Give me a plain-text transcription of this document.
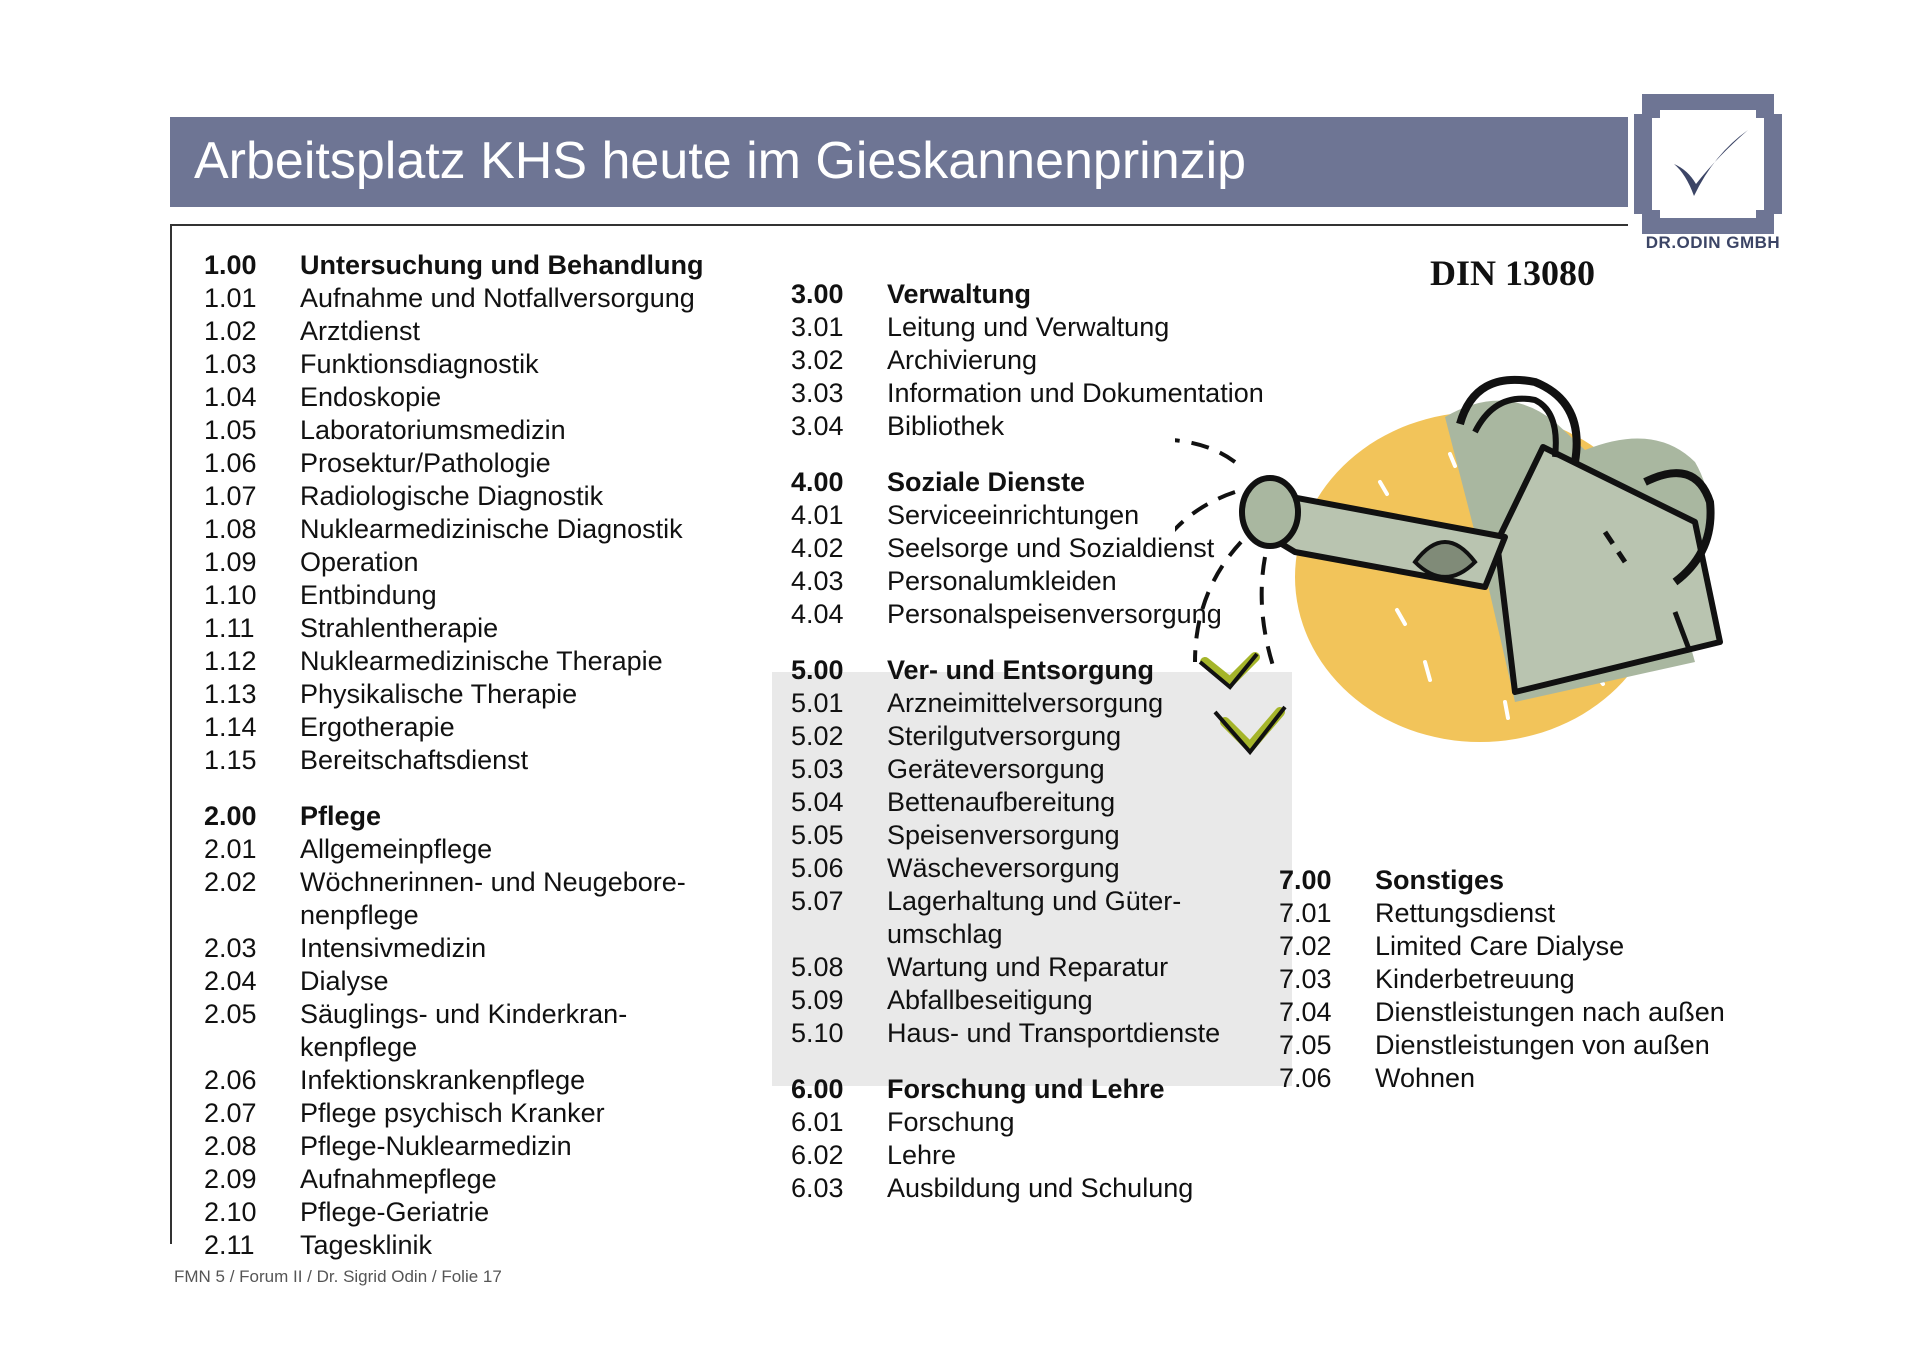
Arbeitsplatz KHS heute im Gieskannenprinzip
DR.ODIN GMBH
DIN 13080
1.00	Untersuchung und Behandlung
1.01	Aufnahme und Notfallversorgung
1.02	Arztdienst
1.03	Funktionsdiagnostik
1.04	Endoskopie
1.05	Laboratoriumsmedizin
1.06	Prosektur/Pathologie
1.07	Radiologische Diagnostik
1.08	Nuklearmedizinische Diagnostik
1.09	Operation
1.10	Entbindung
1.11	Strahlentherapie
1.12	Nuklearmedizinische Therapie
1.13	Physikalische Therapie
1.14	Ergotherapie
1.15	Bereitschaftsdienst
2.00	Pflege
2.01	Allgemeinpflege
2.02	Wöchnerinnen- und Neugebore-
nenpflege
2.03	Intensivmedizin
2.04	Dialyse
2.05	Säuglings- und Kinderkran-
kenpflege
2.06	Infektionskrankenpflege
2.07	Pflege psychisch Kranker
2.08	Pflege-Nuklearmedizin
2.09	Aufnahmepflege
2.10	Pflege-Geriatrie
2.11	Tagesklinik
3.00	Verwaltung
3.01	Leitung und Verwaltung
3.02	Archivierung
3.03	Information und Dokumentation
3.04	Bibliothek
4.00	Soziale Dienste
4.01	Serviceeinrichtungen
4.02	Seelsorge und Sozialdienst
4.03	Personalumkleiden
4.04	Personalspeisenversorgung
5.00	Ver- und Entsorgung
5.01	Arzneimittelversorgung
5.02	Sterilgutversorgung
5.03	Geräteversorgung
5.04	Bettenaufbereitung
5.05	Speisenversorgung
5.06	Wäscheversorgung
5.07	Lagerhaltung und Güter-
umschlag
5.08	Wartung und Reparatur
5.09	Abfallbeseitigung
5.10	Haus- und Transportdienste
6.00	Forschung und Lehre
6.01	Forschung
6.02	Lehre
6.03	Ausbildung und Schulung
7.00	Sonstiges
7.01	Rettungsdienst
7.02	Limited Care Dialyse
7.03	Kinderbetreuung
7.04	Dienstleistungen nach außen
7.05	Dienstleistungen von außen
7.06	Wohnen
FMN 5 / Forum II / Dr. Sigrid Odin / Folie 17
